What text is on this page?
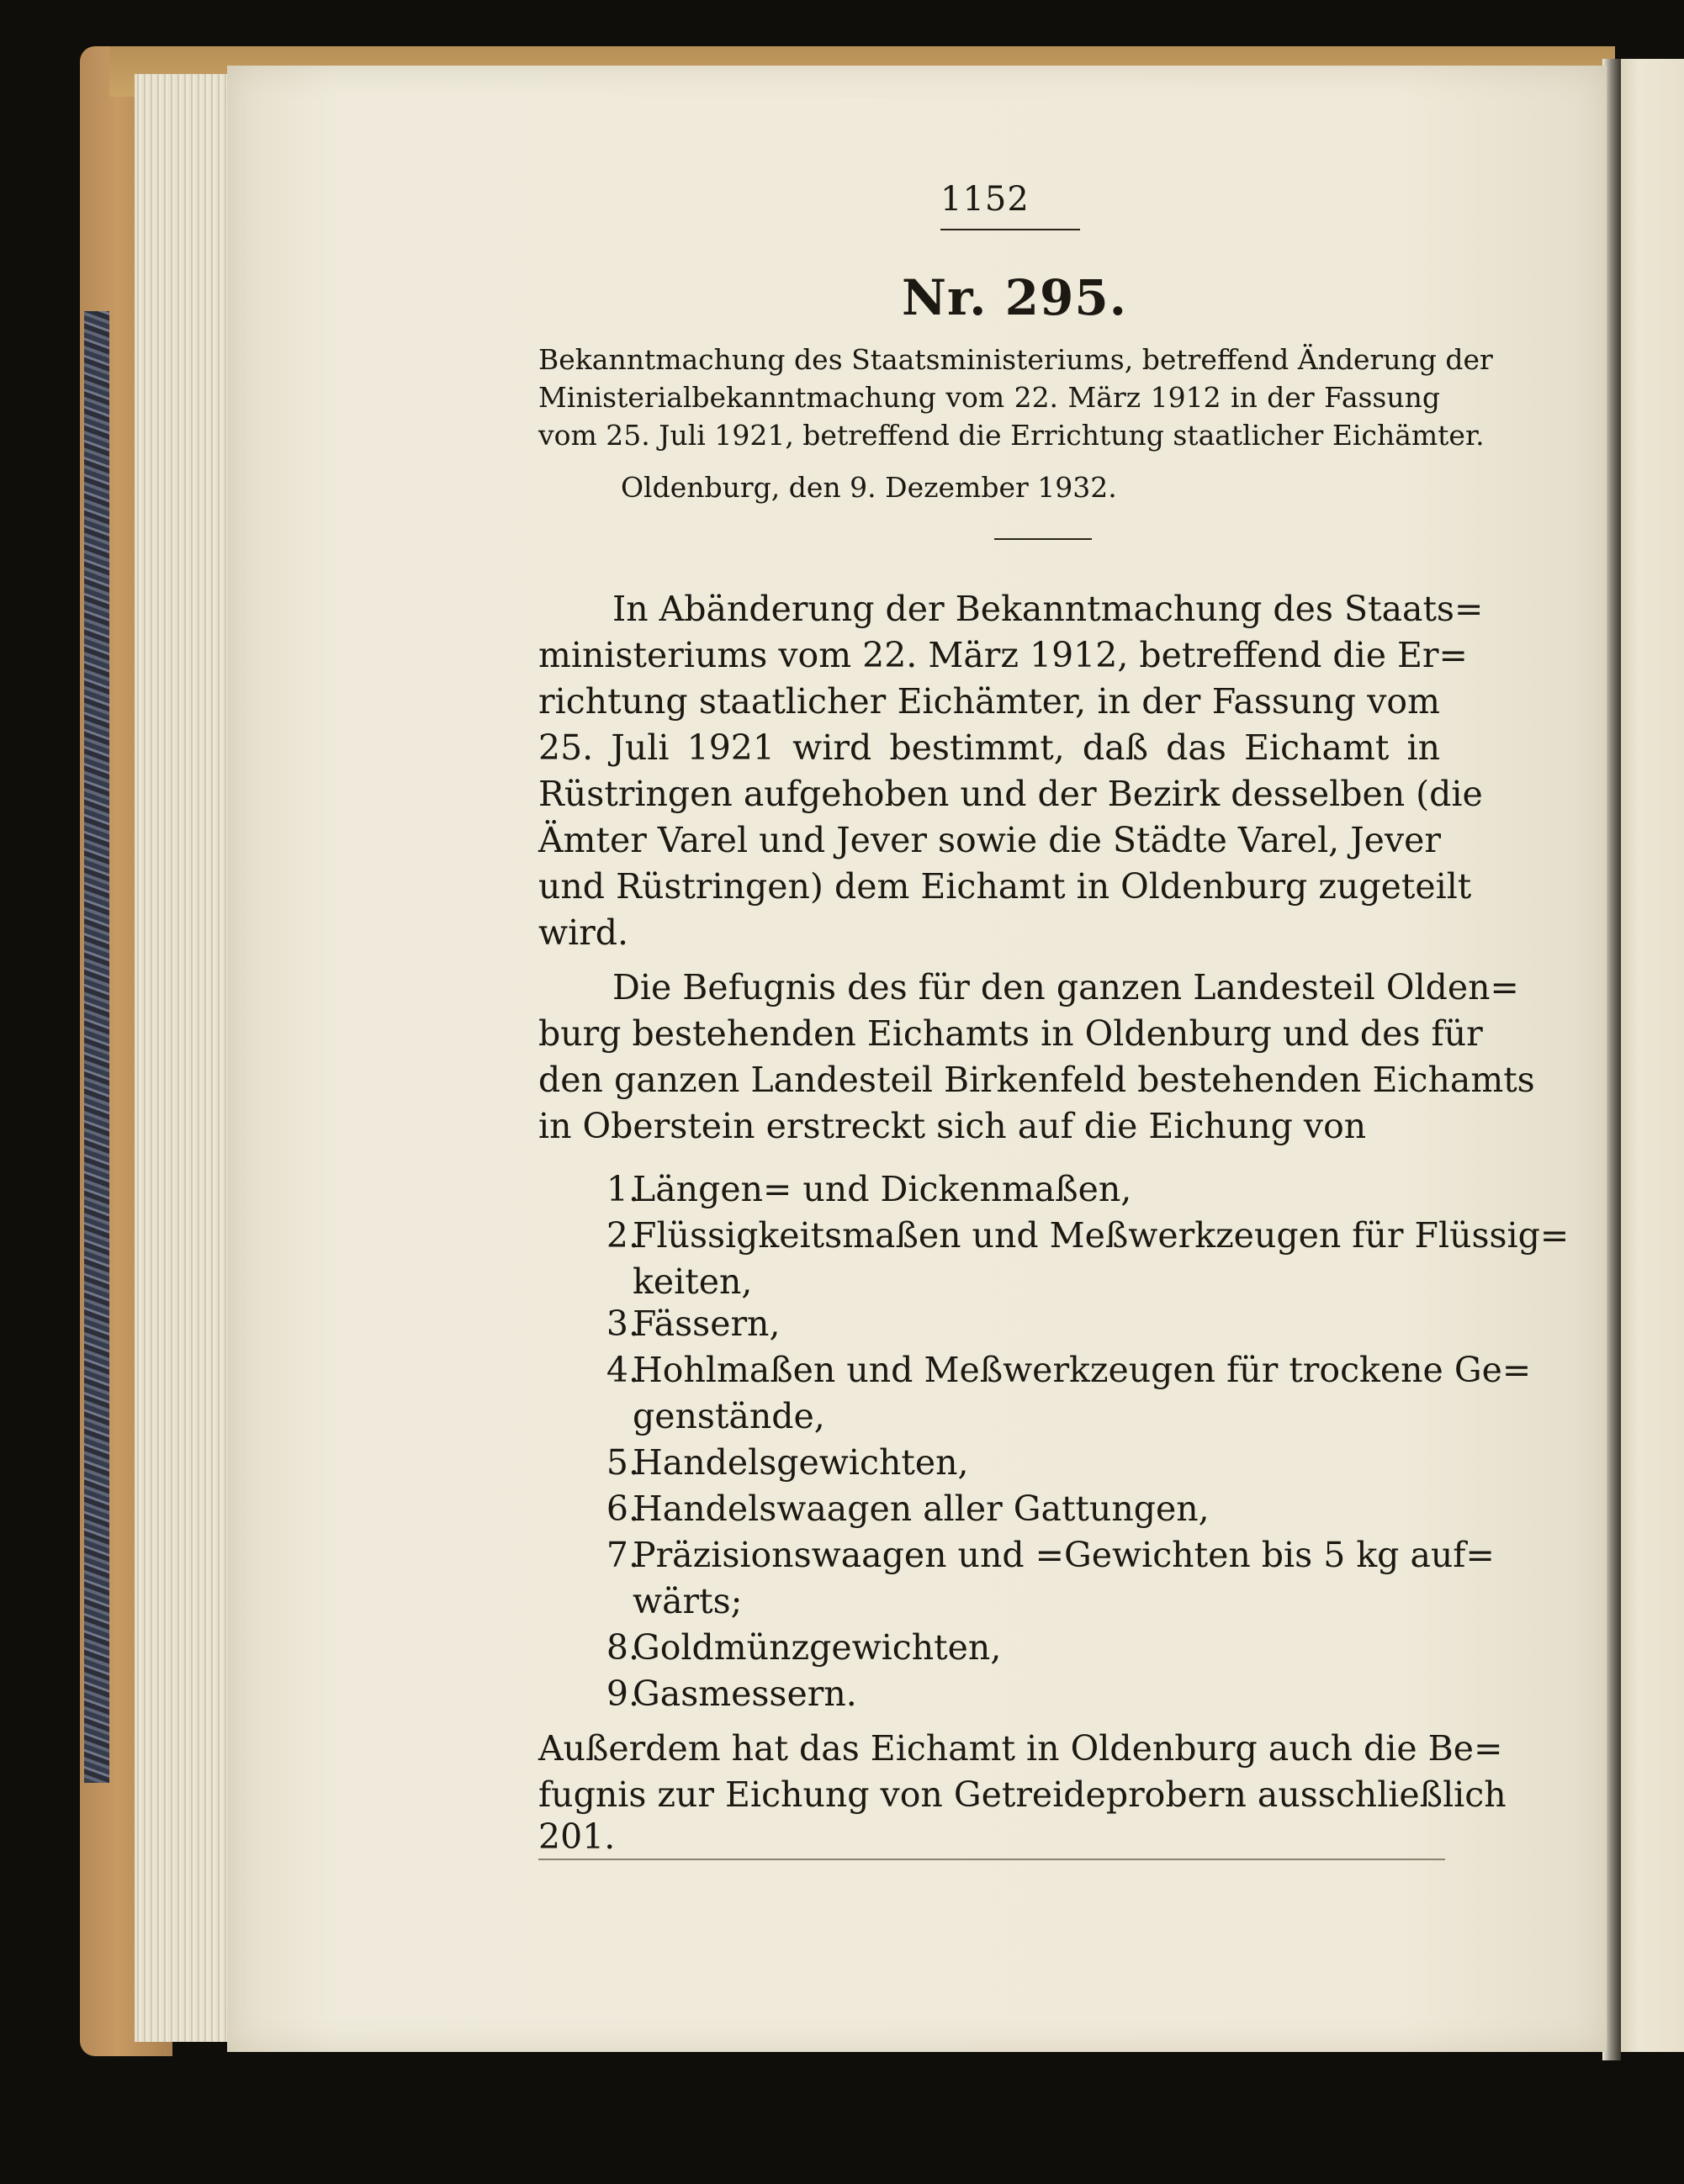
1152
Nr. 295.
Bekanntmachung des Staatsministeriums, betreffend Änderung der
Ministerialbekanntmachung vom 22. März 1912 in der Fassung
vom 25. Juli 1921, betreffend die Errichtung staatlicher Eichämter.
Oldenburg, den 9. Dezember 1932.
In Abänderung der Bekanntmachung des Staats=
ministeriums vom 22. März 1912, betreffend die Er=
richtung staatlicher Eichämter, in der Fassung vom
25. Juli 1921 wird bestimmt, daß das Eichamt in
Rüstringen aufgehoben und der Bezirk desselben (die
Ämter Varel und Jever sowie die Städte Varel, Jever
und Rüstringen) dem Eichamt in Oldenburg zugeteilt
wird.
Die Befugnis des für den ganzen Landesteil Olden=
burg bestehenden Eichamts in Oldenburg und des für
den ganzen Landesteil Birkenfeld bestehenden Eichamts
in Oberstein erstreckt sich auf die Eichung von
1.
Längen= und Dickenmaßen,
2.
Flüssigkeitsmaßen und Meßwerkzeugen für Flüssig=
keiten,
3.
Fässern,
4.
Hohlmaßen und Meßwerkzeugen für trockene Ge=
genstände,
5.
Handelsgewichten,
6.
Handelswaagen aller Gattungen,
7.
Präzisionswaagen und =Gewichten bis 5 kg auf=
wärts;
8.
Goldmünzgewichten,
9.
Gasmessern.
Außerdem hat das Eichamt in Oldenburg auch die Be=
fugnis zur Eichung von Getreideprobern ausschließlich
201.
